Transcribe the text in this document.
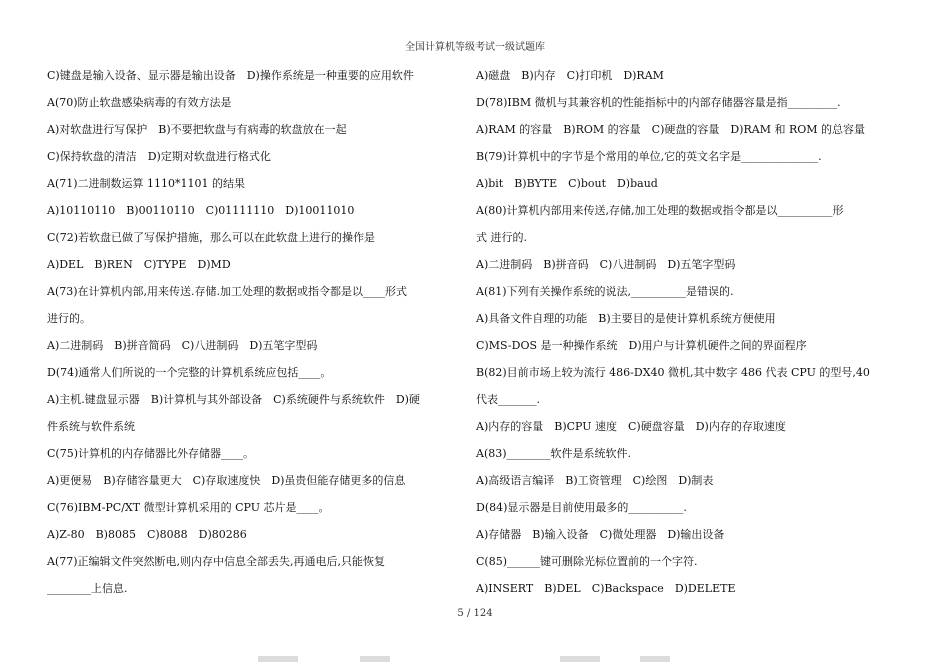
全国计算机等级考试一级试题库
C)键盘是输入设备、显示器是输出设备　D)操作系统是一种重要的应用软件
A(70)防止软盘感染病毒的有效方法是
A)对软盘进行写保护　B)不要把软盘与有病毒的软盘放在一起
C)保持软盘的清洁　D)定期对软盘进行格式化
A(71)二进制数运算 1110*1101 的结果
A)10110110　B)00110110　C)01111110　D)10011010
C(72)若软盘已做了写保护措施，那么可以在此软盘上进行的操作是
A)DEL　B)REN　C)TYPE　D)MD
A(73)在计算机内部,用来传送.存储.加工处理的数据或指令都是以____形式
进行的。
A)二进制码　B)拼音简码　C)八进制码　D)五笔字型码
D(74)通常人们所说的一个完整的计算机系统应包括____。
A)主机.键盘显示器　B)计算机与其外部设备　C)系统硬件与系统软件　D)硬
件系统与软件系统
C(75)计算机的内存储器比外存储器____。
A)更便易　B)存储容量更大　C)存取速度快　D)虽贵但能存储更多的信息
C(76)IBM-PC/XT 微型计算机采用的 CPU 芯片是____。
A)Z-80　B)8085　C)8088　D)80286
A(77)正编辑文件突然断电,则内存中信息全部丢失,再通电后,只能恢复
________上信息.
A)磁盘　B)内存　C)打印机　D)RAM
D(78)IBM 微机与其兼容机的性能指标中的内部存储器容量是指_________.
A)RAM 的容量　B)ROM 的容量　C)硬盘的容量　D)RAM 和 ROM 的总容量
B(79)计算机中的字节是个常用的单位,它的英文名字是______________.
A)bit　B)BYTE　C)bout　D)baud
A(80)计算机内部用来传送,存储,加工处理的数据或指令都是以__________形
式 进行的.
A)二进制码　B)拼音码　C)八进制码　D)五笔字型码
A(81)下列有关操作系统的说法,__________是错误的.
A)具备文件自理的功能　B)主要目的是使计算机系统方便使用
C)MS-DOS 是一种操作系统　D)用户与计算机硬件之间的界面程序
B(82)目前市场上较为流行 486-DX40 微机,其中数字 486 代表 CPU 的型号,40
代表_______.
A)内存的容量　B)CPU 速度　C)硬盘容量　D)内存的存取速度
A(83)________软件是系统软件.
A)高级语言编译　B)工资管理　C)绘图　D)制表
D(84)显示器是目前使用最多的__________.
A)存储器　B)输入设备　C)微处理器　D)输出设备
C(85)______键可删除光标位置前的一个字符.
A)INSERT　B)DEL　C)Backspace　D)DELETE
5 / 124
